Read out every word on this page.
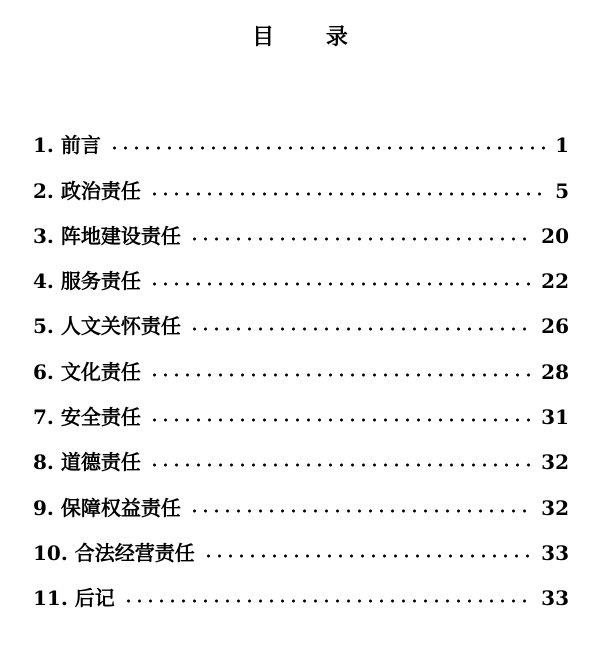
目 录
1. 前言	1
2. 政治责任	5
3. 阵地建设责任	20
4. 服务责任	22
5. 人文关怀责任	26
6. 文化责任	28
7. 安全责任	31
8. 道德责任	32
9. 保障权益责任	32
10. 合法经营责任	33
11. 后记	33
